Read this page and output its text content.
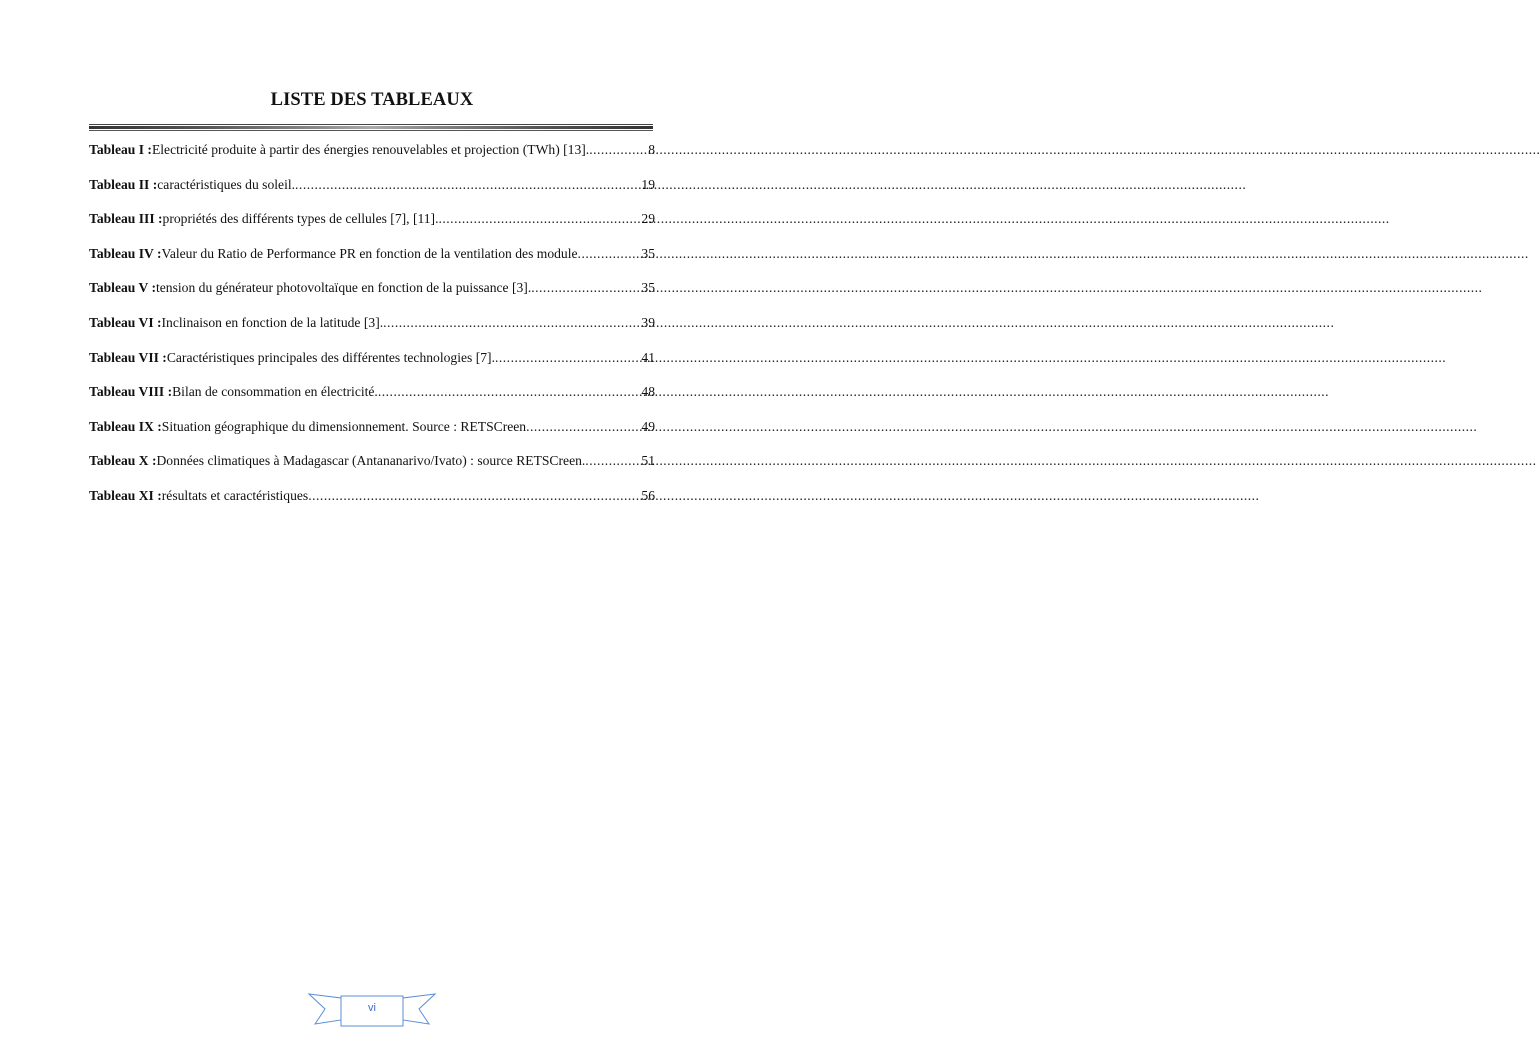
LISTE DES TABLEAUX
Tableau I : Electricité produite à partir des énergies renouvelables et projection (TWh) [13]. .....	8
Tableau II : caractéristiques du soleil. .....	19
Tableau III : propriétés des différents types de cellules [7], [11]. .....	29
Tableau IV : Valeur du Ratio de Performance PR en fonction de la ventilation des module .....	35
Tableau V : tension du générateur photovoltaïque en fonction de la puissance [3]. .....	35
Tableau VI : Inclinaison en fonction de la latitude [3]. .....	39
Tableau VII : Caractéristiques principales des différentes technologies [7]. .....	41
Tableau VIII : Bilan de consommation en électricité. .....	48
Tableau IX : Situation géographique du dimensionnement. Source : RETSCreen .....	49
Tableau X : Données climatiques à Madagascar (Antananarivo/Ivato) : source RETSCreen. .....	51
Tableau XI : résultats et caractéristiques .....	56
vi
